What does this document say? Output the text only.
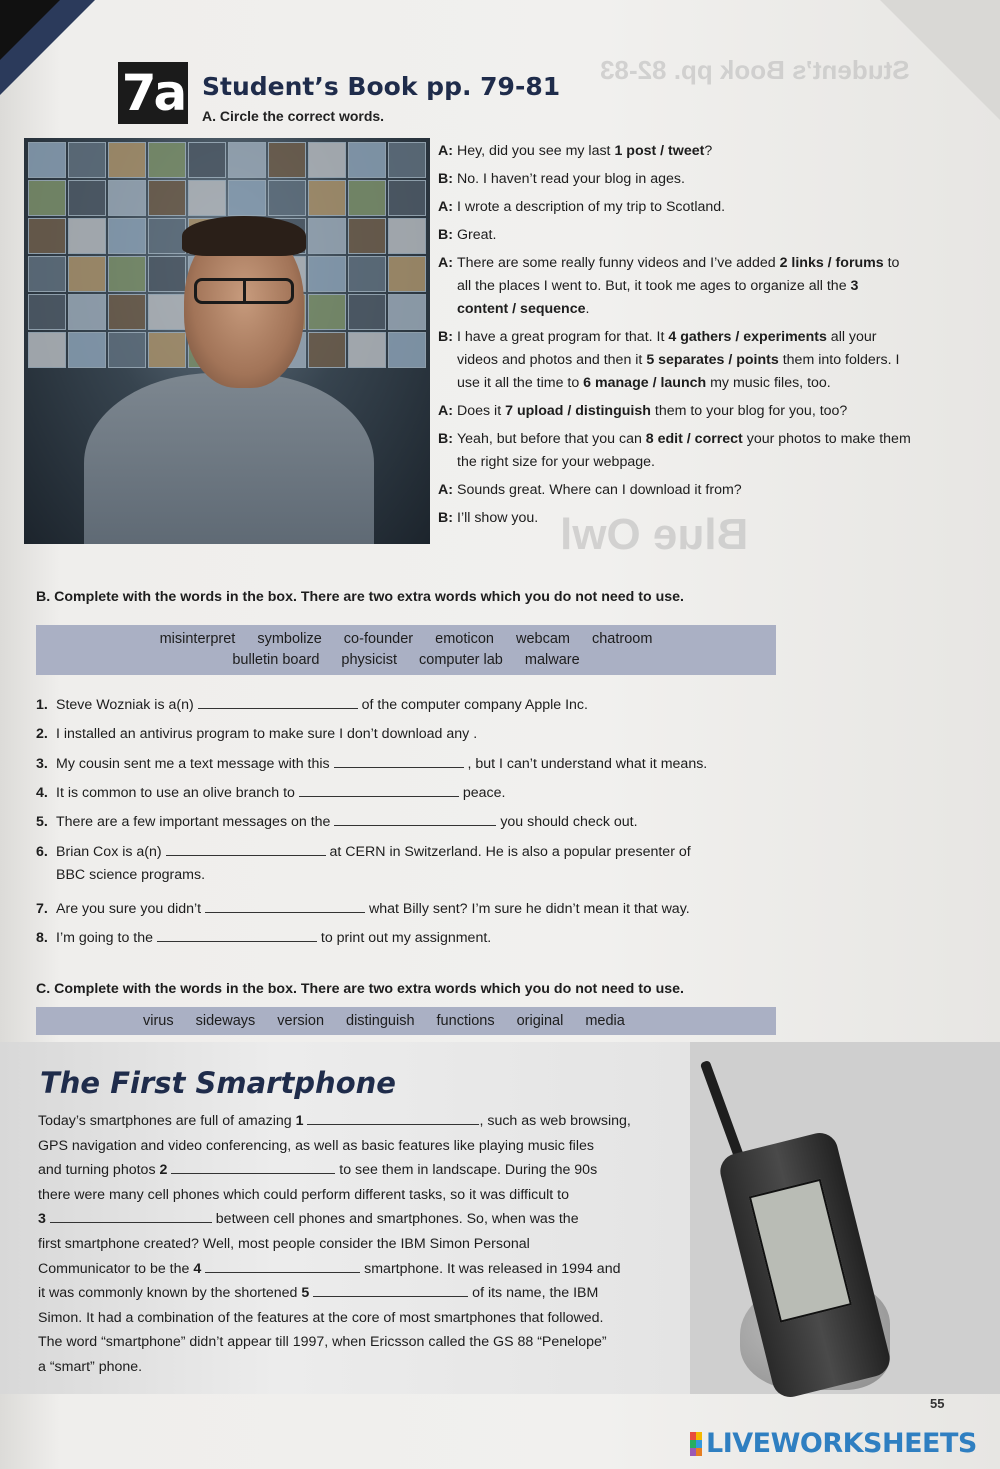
Student’s Book pp. 82-83
Blue Owl
7a Student’s Book pp. 79-81
A. Circle the correct words.
A: Hey, did you see my last 1 post / tweet?
B: No. I haven’t read your blog in ages.
A: I wrote a description of my trip to Scotland.
B: Great.
A: There are some really funny videos and I’ve added 2 links / forums to all the places I went to. But, it took me ages to organize all the 3 content / sequence.
B: I have a great program for that. It 4 gathers / experiments all your videos and photos and then it 5 separates / points them into folders. I use it all the time to 6 manage / launch my music files, too.
A: Does it 7 upload / distinguish them to your blog for you, too?
B: Yeah, but before that you can 8 edit / correct your photos to make them the right size for your webpage.
A: Sounds great. Where can I download it from?
B: I’ll show you.
B. Complete with the words in the box. There are two extra words which you do not need to use.
misinterpret symbolize co-founder emoticon webcam chatroom
bulletin board physicist computer lab malware
1. Steve Wozniak is a(n)	of the computer company Apple Inc.
2. I installed an antivirus program to make sure I don’t download any .
3. My cousin sent me a text message with this	, but I can’t understand what it means.
4. It is common to use an olive branch to	peace.
5. There are a few important messages on the	you should check out.
6. Brian Cox is a(n)	at CERN in Switzerland. He is also a popular presenter of
BBC science programs.
7. Are you sure you didn’t	what Billy sent? I’m sure he didn’t mean it that way.
8. I’m going to the	to print out my assignment.
C. Complete with the words in the box. There are two extra words which you do not need to use.
virus sideways version distinguish functions original media
The First Smartphone
Today’s smartphones are full of amazing 1	, such as web browsing,
GPS navigation and video conferencing, as well as basic features like playing music files
and turning photos 2	to see them in landscape. During the 90s
there were many cell phones which could perform different tasks, so it was difficult to
3	between cell phones and smartphones. So, when was the
first smartphone created? Well, most people consider the IBM Simon Personal
Communicator to be the 4	smartphone. It was released in 1994 and
it was commonly known by the shortened 5	of its name, the IBM
Simon. It had a combination of the features at the core of most smartphones that followed.
The word “smartphone” didn’t appear till 1997, when Ericsson called the GS 88 “Penelope”
a “smart” phone.
55
LIVEWORKSHEETS
